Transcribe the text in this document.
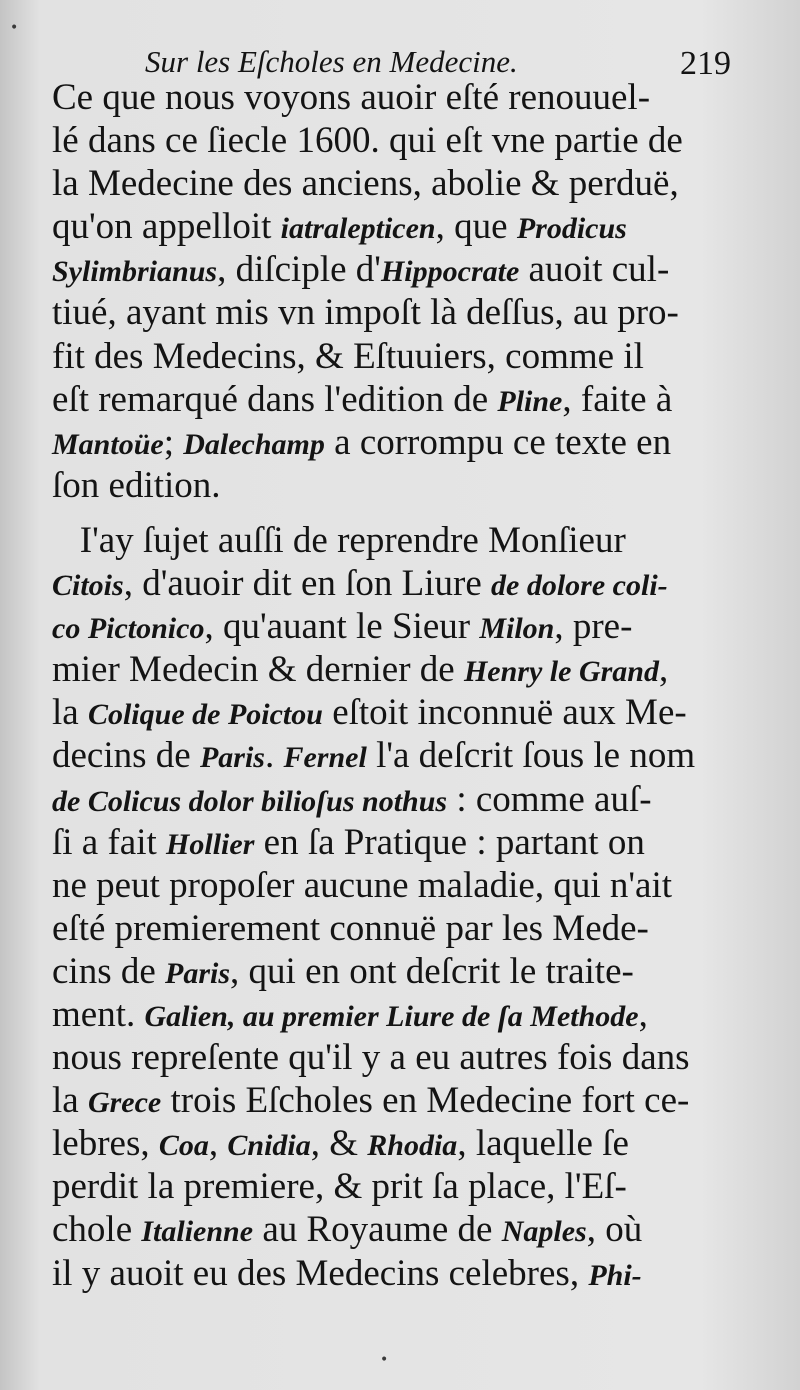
Sur les Eſcholes en Medecine.	219
Ce que nous voyons auoir eſté renouuel-
lé dans ce ſiecle 1600. qui eſt vne partie de
la Medecine des anciens, abolie & perduë,
qu'on appelloit iatralepticen, que Prodicus
Sylimbrianus, diſciple d'Hippocrate auoit cul-
tiué, ayant mis vn impoſt là deſſus, au pro-
fit des Medecins, & Eſtuuiers, comme il
eſt remarqué dans l'edition de Pline, faite à
Mantoüe; Dalechamp a corrompu ce texte en
ſon edition.
I'ay ſujet auſſi de reprendre Monſieur
Citois, d'auoir dit en ſon Liure de dolore coli-
co Pictonico, qu'auant le Sieur Milon, pre-
mier Medecin & dernier de Henry le Grand,
la Colique de Poictou eſtoit inconnuë aux Me-
decins de Paris. Fernel l'a deſcrit ſous le nom
de Colicus dolor bilioſus nothus : comme auſ-
ſi a fait Hollier en ſa Pratique : partant on
ne peut propoſer aucune maladie, qui n'ait
eſté premierement connuë par les Mede-
cins de Paris, qui en ont deſcrit le traite-
ment. Galien, au premier Liure de ſa Methode,
nous repreſente qu'il y a eu autres fois dans
la Grece trois Eſcholes en Medecine fort ce-
lebres, Coa, Cnidia, & Rhodia, laquelle ſe
perdit la premiere, & prit ſa place, l'Eſ-
chole Italienne au Royaume de Naples, où
il y auoit eu des Medecins celebres, Phi-
•
•
